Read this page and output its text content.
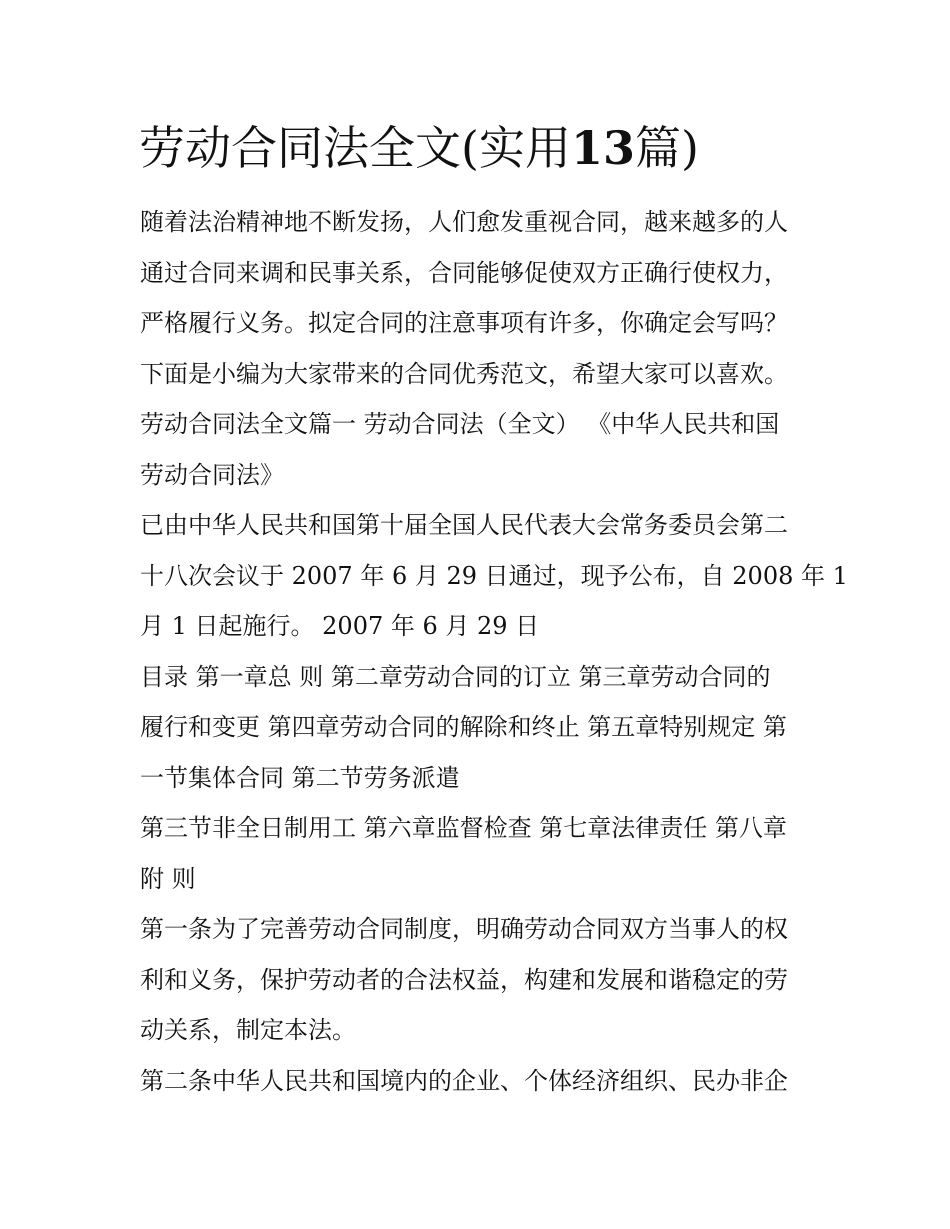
劳动合同法全文(实用13篇)

随着法治精神地不断发扬，人们愈发重视合同，越来越多的人
通过合同来调和民事关系，合同能够促使双方正确行使权力，
严格履行义务。拟定合同的注意事项有许多，你确定会写吗？
下面是小编为大家带来的合同优秀范文，希望大家可以喜欢。
劳动合同法全文篇一 劳动合同法（全文） 《中华人民共和国
劳动合同法》

已由中华人民共和国第十届全国人民代表大会常务委员会第二
十八次会议于 2007 年 6 月 29 日通过，现予公布，自 2008 年 1
月 1 日起施行。 2007 年 6 月 29 日

目录 第一章总 则 第二章劳动合同的订立 第三章劳动合同的
履行和变更 第四章劳动合同的解除和终止 第五章特别规定 第
一节集体合同 第二节劳务派遣

第三节非全日制用工 第六章监督检查 第七章法律责任 第八章
附 则

第一条为了完善劳动合同制度，明确劳动合同双方当事人的权
利和义务，保护劳动者的合法权益，构建和发展和谐稳定的劳
动关系，制定本法。

第二条中华人民共和国境内的企业、个体经济组织、民办非企
